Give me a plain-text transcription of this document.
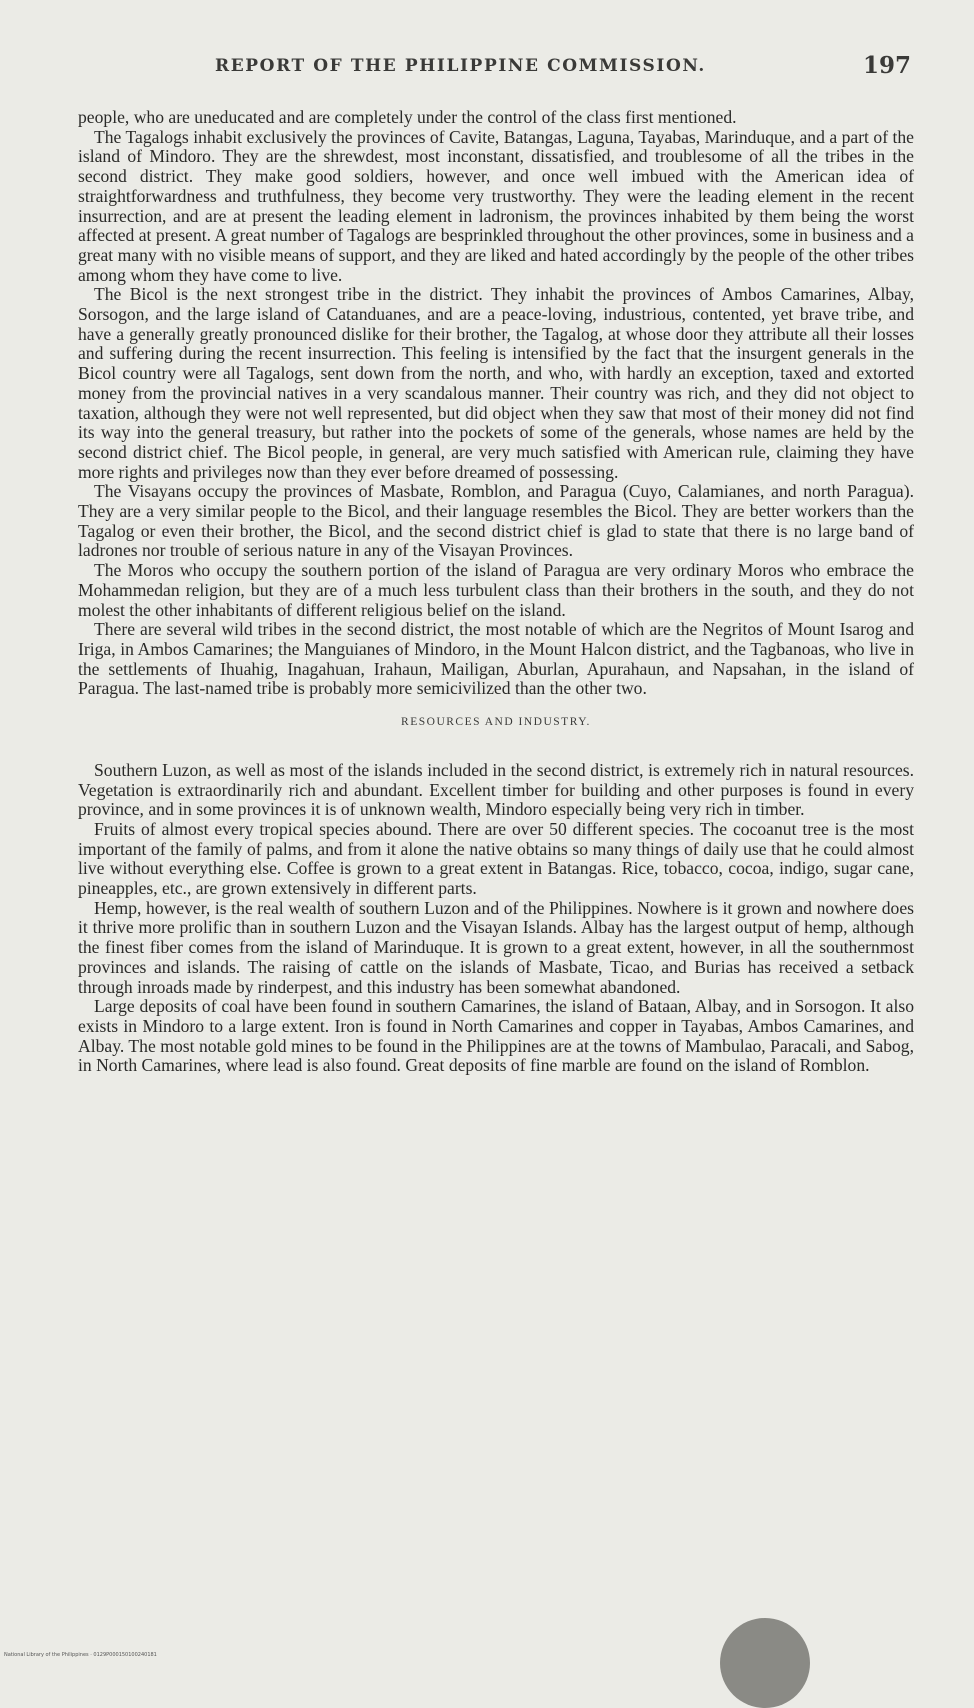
REPORT OF THE PHILIPPINE COMMISSION.	197

people, who are uneducated and are completely under the control of the class first mentioned.

The Tagalogs inhabit exclusively the provinces of Cavite, Batangas, Laguna, Tayabas, Marinduque, and a part of the island of Mindoro. They are the shrewdest, most inconstant, dissatisfied, and troublesome of all the tribes in the second district. They make good soldiers, however, and once well imbued with the American idea of straightforwardness and truthfulness, they become very trustworthy. They were the leading element in the recent insurrection, and are at present the leading element in ladronism, the provinces inhabited by them being the worst affected at present. A great number of Tagalogs are besprinkled throughout the other provinces, some in business and a great many with no visible means of support, and they are liked and hated accordingly by the people of the other tribes among whom they have come to live.

The Bicol is the next strongest tribe in the district. They inhabit the provinces of Ambos Camarines, Albay, Sorsogon, and the large island of Catanduanes, and are a peace-loving, industrious, contented, yet brave tribe, and have a generally greatly pronounced dislike for their brother, the Tagalog, at whose door they attribute all their losses and suffering during the recent insurrection. This feeling is intensified by the fact that the insurgent generals in the Bicol country were all Tagalogs, sent down from the north, and who, with hardly an exception, taxed and extorted money from the provincial natives in a very scandalous manner. Their country was rich, and they did not object to taxation, although they were not well represented, but did object when they saw that most of their money did not find its way into the general treasury, but rather into the pockets of some of the generals, whose names are held by the second district chief. The Bicol people, in general, are very much satisfied with American rule, claiming they have more rights and privileges now than they ever before dreamed of possessing.

The Visayans occupy the provinces of Masbate, Romblon, and Paragua (Cuyo, Calamianes, and north Paragua). They are a very similar people to the Bicol, and their language resembles the Bicol. They are better workers than the Tagalog or even their brother, the Bicol, and the second district chief is glad to state that there is no large band of ladrones nor trouble of serious nature in any of the Visayan Provinces.

The Moros who occupy the southern portion of the island of Paragua are very ordinary Moros who embrace the Mohammedan religion, but they are of a much less turbulent class than their brothers in the south, and they do not molest the other inhabitants of different religious belief on the island.

There are several wild tribes in the second district, the most notable of which are the Negritos of Mount Isarog and Iriga, in Ambos Camarines; the Manguianes of Mindoro, in the Mount Halcon district, and the Tagbanoas, who live in the settlements of Ihuahig, Inagahuan, Irahaun, Mailigan, Aburlan, Apurahaun, and Napsahan, in the island of Paragua. The last-named tribe is probably more semicivilized than the other two.

RESOURCES AND INDUSTRY.

Southern Luzon, as well as most of the islands included in the second district, is extremely rich in natural resources. Vegetation is extraordinarily rich and abundant. Excellent timber for building and other purposes is found in every province, and in some provinces it is of unknown wealth, Mindoro especially being very rich in timber.

Fruits of almost every tropical species abound. There are over 50 different species. The cocoanut tree is the most important of the family of palms, and from it alone the native obtains so many things of daily use that he could almost live without everything else. Coffee is grown to a great extent in Batangas. Rice, tobacco, cocoa, indigo, sugar cane, pineapples, etc., are grown extensively in different parts.

Hemp, however, is the real wealth of southern Luzon and of the Philippines. Nowhere is it grown and nowhere does it thrive more prolific than in southern Luzon and the Visayan Islands. Albay has the largest output of hemp, although the finest fiber comes from the island of Marinduque. It is grown to a great extent, however, in all the southernmost provinces and islands. The raising of cattle on the islands of Masbate, Ticao, and Burias has received a setback through inroads made by rinderpest, and this industry has been somewhat abandoned.

Large deposits of coal have been found in southern Camarines, the island of Bataan, Albay, and in Sorsogon. It also exists in Mindoro to a large extent. Iron is found in North Camarines and copper in Tayabas, Ambos Camarines, and Albay. The most notable gold mines to be found in the Philippines are at the towns of Mambulao, Paracali, and Sabog, in North Camarines, where lead is also found. Great deposits of fine marble are found on the island of Romblon.

National Library of the Philippines · 0129P000150100240181
